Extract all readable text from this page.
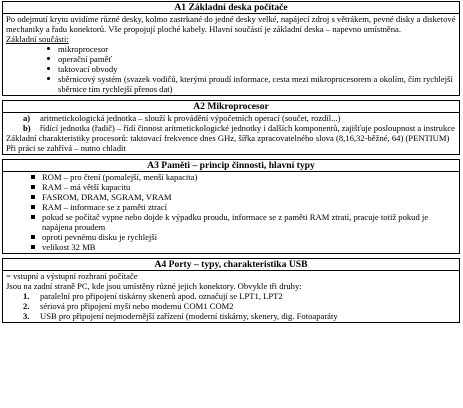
A1 Základní deska počítače

Po odejmutí krytu uvidíme různé desky, kolmo zastrkané do jedné desky velké, napájecí zdroj s větrákem, pevné disky a disketové mechaniky a řadu konektorů. Vše propojují ploché kabely. Hlavní součástí je základní deska – napevno umístněna.

Základní součásti:

mikroprocesor
operační paměť
taktovací obvody
sběrnicový systém (svazek vodičů, kterými proudí informace, cesta mezi mikroprocesorem a okolím, čím rychlejší sběrnice tím rychlejší přenos dat)
A2 Mikroprocesor
a) aritmetickologická jednotka – slouží k provádění výpočetních operací (součet, rozdíl...)
b) řídící jednotka (řadič) – řídí činnost aritmetickologické jednotky i dalších komponentů, zajišťuje posloupnost a instrukce

Základní charakteristiky procesorů: taktovací frekvence dnes GHz, šířka zpracovatelného slova (8,16,32-běžné, 64) (PENTIUM)

Při práci se zahřívá – nutno chladit

A3 Paměti – princip činnosti, hlavní typy
ROM – pro čtení (pomalejší, menší kapacita)
RAM – má větší kapacitu
FASROM, DRAM, SGRAM, VRAM
RAM – informace se z paměti ztrací
pokud se počítač vypne nebo dojde k výpadku proudu, informace se z paměti RAM ztratí, pracuje totiž pokud je napájena proudem
oproti pevnému disku je rychlejší
velikost 32 MB
A4 Porty – typy, charakteristika USB

= vstupní a výstupní rozhraní počítače

Jsou na zadní straně PC, kde jsou umístěny různé jejich konektory. Obvykle tři druhy:

1. paralelní pro připojení tiskárny skenerů apod. označují se LPT1, LPT2
2. sériová pro připojení myši nebo modemu COM1 COM2
3. USB pro připojení nejmodernější zařízení (moderní tiskárny, skenery, dig. Fotoaparáty
